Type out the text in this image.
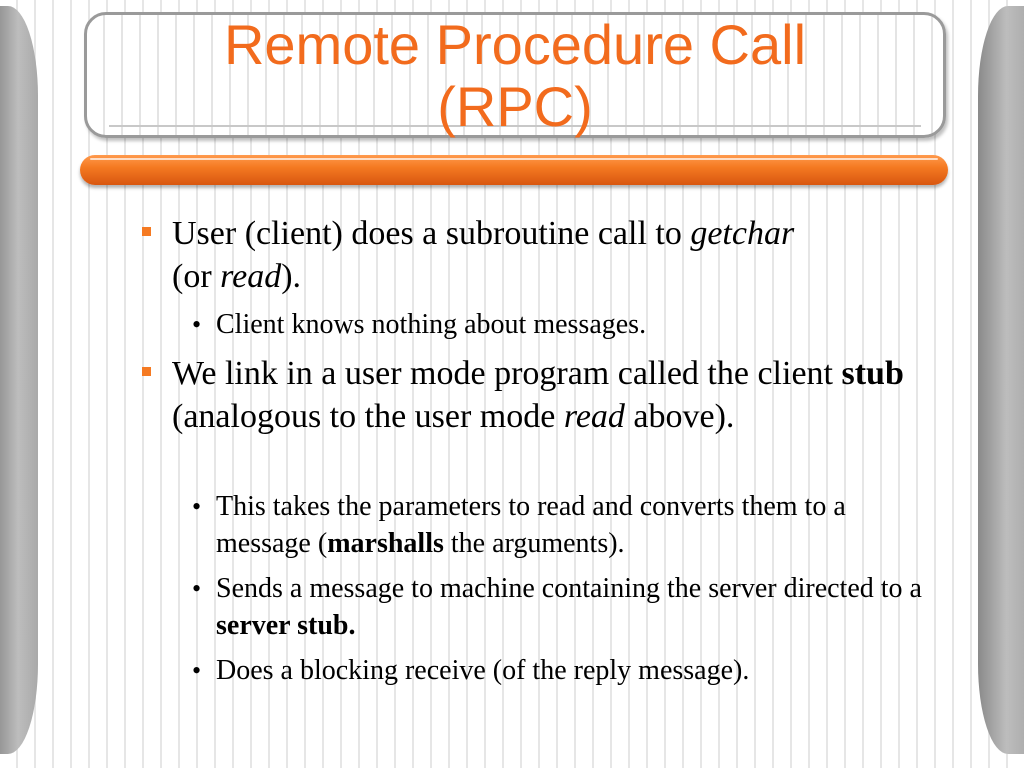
Remote Procedure Call
(RPC)
User (client) does a subroutine call to getchar
(or read).
• Client knows nothing about messages.
We link in a user mode program called the client stub (analogous to the user mode read above).
• This takes the parameters to read and converts them to a message (marshalls the arguments).
• Sends a message to machine containing the server directed to a server stub.
• Does a blocking receive (of the reply message).
